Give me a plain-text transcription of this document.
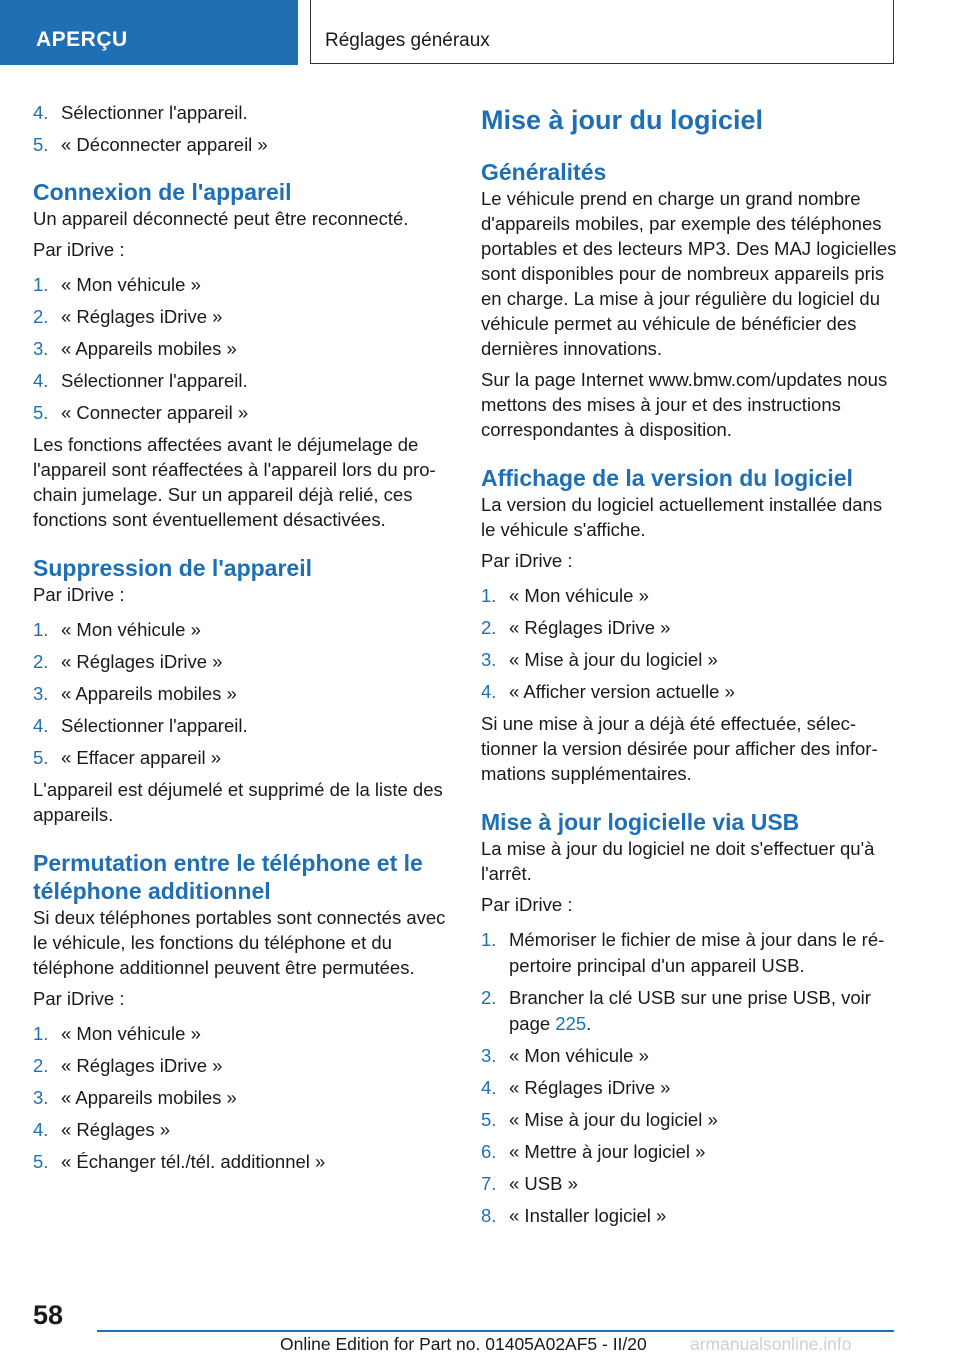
APERÇU	Réglages généraux
4. Sélectionner l'appareil.
5. « Déconnecter appareil »
Connexion de l'appareil

Un appareil déconnecté peut être reconnecté.

Par iDrive :

1. « Mon véhicule »
2. « Réglages iDrive »
3. « Appareils mobiles »
4. Sélectionner l'appareil.
5. « Connecter appareil »

Les fonctions affectées avant le déjumelage de l'appareil sont réaffectées à l'appareil lors du prochain jumelage. Sur un appareil déjà relié, ces fonctions sont éventuellement désactivées.

Suppression de l'appareil

Par iDrive :

1. « Mon véhicule »
2. « Réglages iDrive »
3. « Appareils mobiles »
4. Sélectionner l'appareil.
5. « Effacer appareil »

L'appareil est déjumelé et supprimé de la liste des appareils.

Permutation entre le téléphone et le téléphone additionnel

Si deux téléphones portables sont connectés avec le véhicule, les fonctions du téléphone et du téléphone additionnel peuvent être permutées.

Par iDrive :

1. « Mon véhicule »
2. « Réglages iDrive »
3. « Appareils mobiles »
4. « Réglages »
5. « Échanger tél./tél. additionnel »
Mise à jour du logiciel
Généralités

Le véhicule prend en charge un grand nombre d'appareils mobiles, par exemple des téléphones portables et des lecteurs MP3. Des MAJ logicielles sont disponibles pour de nombreux appareils pris en charge. La mise à jour régulière du logiciel du véhicule permet au véhicule de bénéficier des dernières innovations.

Sur la page Internet www.bmw.com/updates nous mettons des mises à jour et des instructions correspondantes à disposition.

Affichage de la version du logiciel

La version du logiciel actuellement installée dans le véhicule s'affiche.

Par iDrive :

1. « Mon véhicule »
2. « Réglages iDrive »
3. « Mise à jour du logiciel »
4. « Afficher version actuelle »

Si une mise à jour a déjà été effectuée, sélectionner la version désirée pour afficher des informations supplémentaires.

Mise à jour logicielle via USB

La mise à jour du logiciel ne doit s'effectuer qu'à l'arrêt.

Par iDrive :

1. Mémoriser le fichier de mise à jour dans le répertoire principal d'un appareil USB.
2. Brancher la clé USB sur une prise USB, voir page 225.
3. « Mon véhicule »
4. « Réglages iDrive »
5. « Mise à jour du logiciel »
6. « Mettre à jour logiciel »
7. « USB »
8. « Installer logiciel »
58
Online Edition for Part no. 01405A02AF5 - II/20 armanualsonline.info
